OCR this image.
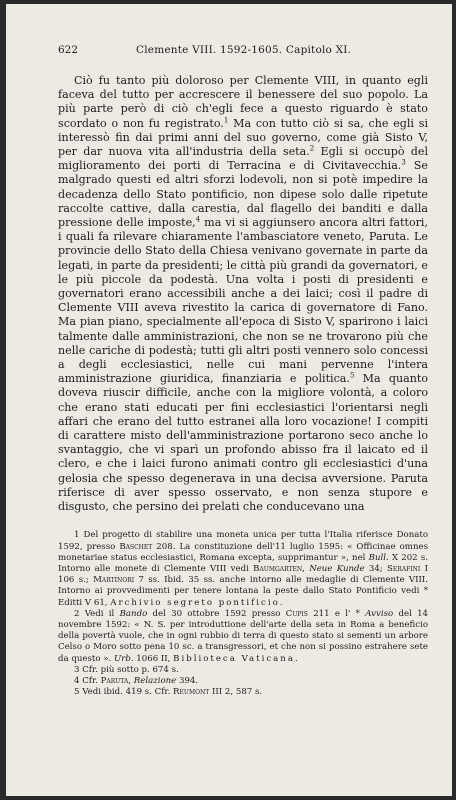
622	Clemente VIII. 1592-1605. Capitolo XI.

Ciò fu tanto più doloroso per Clemente VIII, in quanto egli faceva del tutto per accrescere il benessere del suo popolo. La più parte però di ciò ch'egli fece a questo riguardo è stato scordato o non fu registrato.$^1$ Ma con tutto ciò si sa, che egli si interessò fin dai primi anni del suo governo, come già Sisto V, per dar nuova vita all'industria della seta.$^2$ Egli si occupò del miglioramento dei porti di Terracina e di Civitavecchia.$^3$ Se malgrado questi ed altri sforzi lodevoli, non si potè impedire la decadenza dello Stato pontificio, non dipese solo dalle ripetute raccolte cattive, dalla carestia, dal flagello dei banditi e dalla pressione delle imposte,$^4$ ma vi si aggiunsero ancora altri fattori, i quali fa rilevare chiaramente l'ambasciatore veneto, Paruta. Le provincie dello Stato della Chiesa venivano governate in parte da legati, in parte da presidenti; le città più grandi da governatori, e le più piccole da podestà. Una volta i posti di presidenti e governatori erano accessibili anche a dei laici; così il padre di Clemente VIII aveva rivestito la carica di governatore di Fano. Ma pian piano, specialmente all'epoca di Sisto V, sparirono i laici talmente dalle amministrazioni, che non se ne trovarono più che nelle cariche di podestà; tutti gli altri posti vennero solo concessi a degli ecclesiastici, nelle cui mani pervenne l'intera amministrazione giuridica, finanziaria e politica.$^5$ Ma quanto doveva riuscir difficile, anche con la migliore volontà, a coloro che erano stati educati per fini ecclesiastici l'orientarsi negli affari che erano del tutto estranei alla loro vocazione! I compiti di carattere misto dell'amministrazione portarono seco anche lo svantaggio, che vi sparì un profondo abisso fra il laicato ed il clero, e che i laici furono animati contro gli ecclesiastici d'una gelosia che spesso degenerava in una decisa avversione. Paruta riferisce di aver spesso osservato, e non senza stupore e disgusto, che persino dei prelati che conducevano una

1 Del progetto di stabilire una moneta unica per tutta l'Italia riferisce Donato 1592, presso Baschet 208. La constituzione dell'11 luglio 1595: « Officinae omnes monetariae status ecclesiastici, Romana excepta, supprimantur », nel Bull. X 202 s. Intorno alle monete di Clemente VIII vedi Baumgarten, Neue Kunde 34; Serafini I 106 s.; Martinori 7 ss. Ibid. 35 ss. anche intorno alle medaglie di Clemente VIII. Intorno ai provvedimenti per tenere lontana la peste dallo Stato Pontificio vedi * Editti V 61, Archivio segreto pontificio.

2 Vedi il Bando del 30 ottobre 1592 presso Cupis 211 e l' * Avviso del 14 novembre 1592: « N. S. per introduttione dell'arte della seta in Roma a beneficio della povertà vuole, che in ogni rubbio di terra di questo stato si sementi un arbore Celso o Moro sotto pena 10 sc. a transgressori, et che non si possino estrahere sete da questo ». Urb. 1066 II, Biblioteca Vaticana.

3 Cfr. più sotto p. 674 s.

4 Cfr. Paruta, Relazione 394.

5 Vedi ibid. 419 s. Cfr. Reumont III 2, 587 s.
